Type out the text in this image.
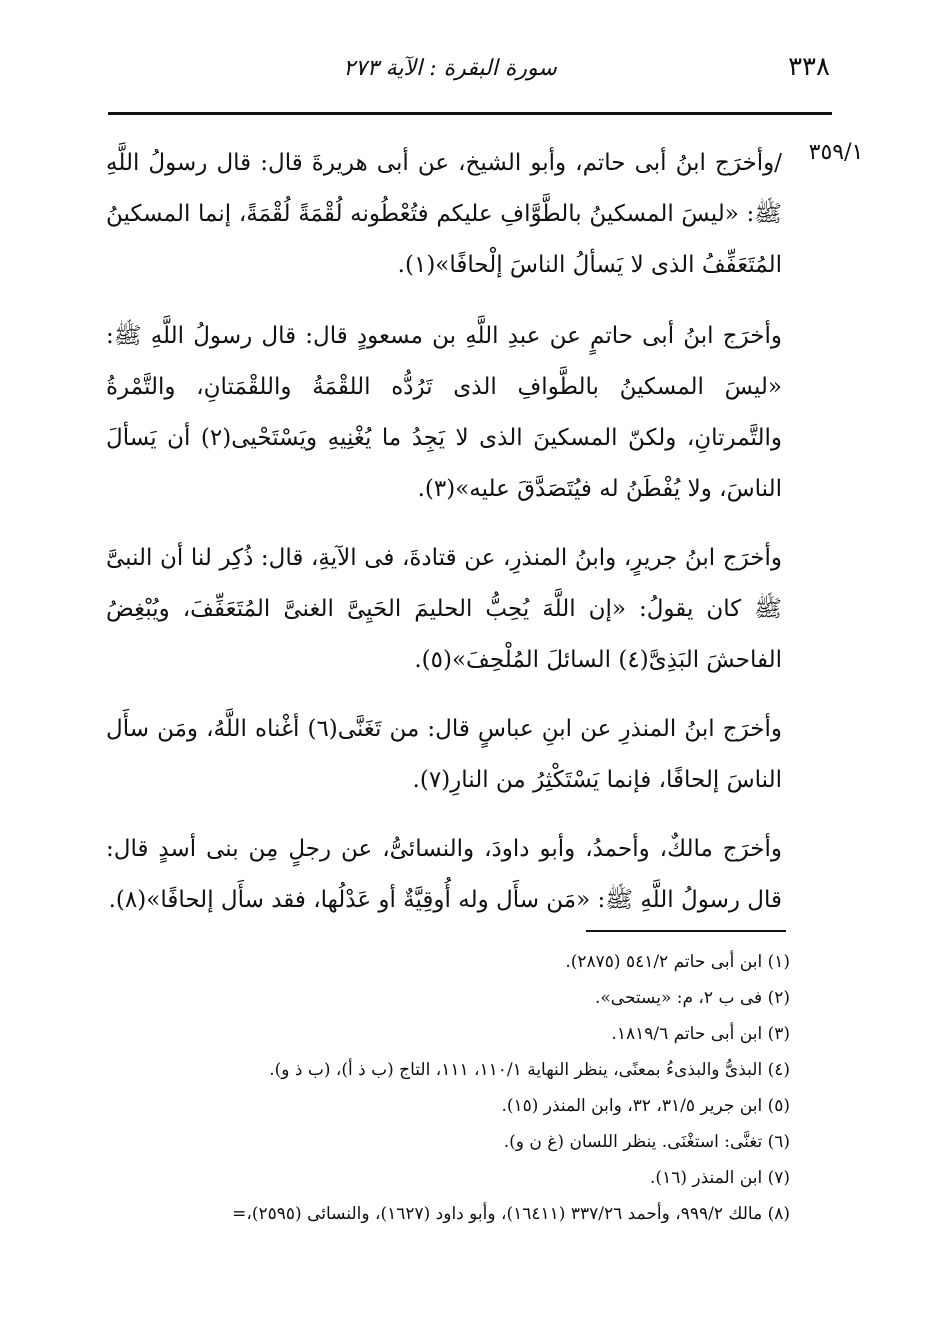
٣٣٨
سورة البقرة : الآية ٢٧٣
٣٥٩/١

/وأخرَج ابنُ أبى حاتم، وأبو الشيخ، عن أبى هريرةَ قال: قال رسولُ اللَّهِ ﷺ: «ليسَ المسكينُ بالطَّوَّافِ عليكم فتُعْطُونه لُقْمَةً لُقْمَةً، إنما المسكينُ المُتَعَفِّفُ الذى لا يَسألُ الناسَ إلْحافًا»(١).

وأخرَج ابنُ أبى حاتمٍ عن عبدِ اللَّهِ بن مسعودٍ قال: قال رسولُ اللَّهِ ﷺ: «ليسَ المسكينُ بالطَّوافِ الذى تَرُدُّه اللقْمَةُ واللقْمَتانِ، والتَّمْرةُ والتَّمرتانِ، ولكنّ المسكينَ الذى لا يَجِدُ ما يُغْنِيهِ ويَسْتَحْيى(٢) أن يَسألَ الناسَ، ولا يُفْطَنُ له فيُتَصَدَّقَ عليه»(٣).

وأخرَج ابنُ جريرٍ، وابنُ المنذرِ، عن قتادةَ، فى الآيةِ، قال: ذُكِر لنا أن النبىَّ ﷺ كان يقولُ: «إن اللَّهَ يُحِبُّ الحليمَ الحَيِىَّ الغنىَّ المُتَعَفِّفَ، ويُبْغِضُ الفاحشَ البَذِىَّ(٤) السائلَ المُلْحِفَ»(٥).

وأخرَج ابنُ المنذرِ عن ابنِ عباسٍ قال: من تَغَنَّى(٦) أغْناه اللَّهُ، ومَن سأَل الناسَ إلحافًا، فإنما يَسْتَكْثِرُ من النارِ(٧).

وأخرَج مالكٌ، وأحمدُ، وأبو داودَ، والنسائىُّ، عن رجلٍ مِن بنى أسدٍ قال: قال رسولُ اللَّهِ ﷺ: «مَن سأَل وله أُوقِيَّةٌ أو عَدْلُها، فقد سأَل إلحافًا»(٨).

(١) ابن أبى حاتم ٥٤١/٢ (٢٨٧٥).
(٢) فى ب ٢، م: «يستحى».
(٣) ابن أبى حاتم ١٨١٩/٦.
(٤) البذىُّ والبذىءُ بمعنًى، ينظر النهاية ١١٠/١، ١١١، التاج (ب ذ أ)، (ب ذ و).
(٥) ابن جرير ٣١/٥، ٣٢، وابن المنذر (١٥).
(٦) تغنَّى: استغْنَى. ينظر اللسان (غ ن و).
(٧) ابن المنذر (١٦).
(٨) مالك ٩٩٩/٢، وأحمد ٣٣٧/٢٦ (١٦٤١١)، وأبو داود (١٦٢٧)، والنسائى (٢٥٩٥)،=
